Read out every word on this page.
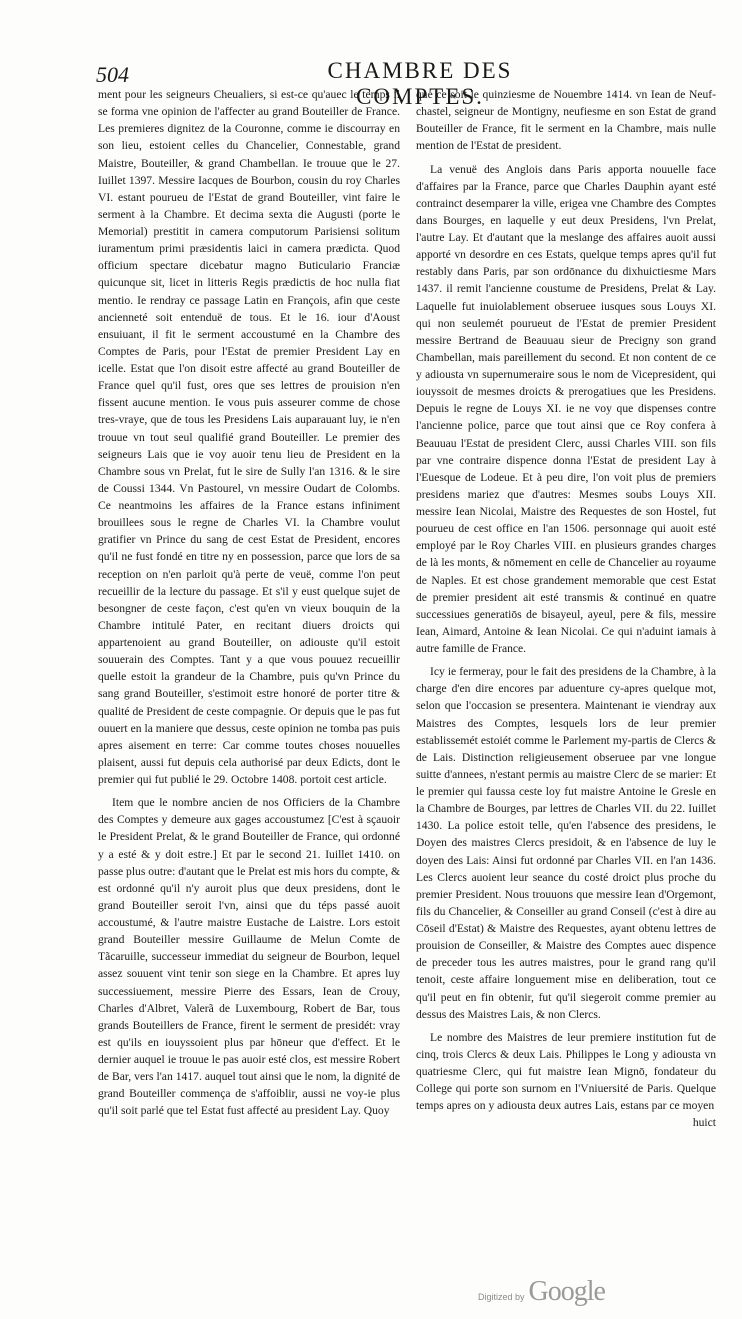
504	CHAMBRE DES COMPTES.

ment pour les seigneurs Cheualiers, si est-ce qu'auec le temps il se forma vne opinion de l'affecter au grand Bouteiller de France. Les premieres dignitez de la Couronne, comme ie discourray en son lieu, estoient celles du Chancelier, Connestable, grand Maistre, Bouteiller, & grand Chambellan. Ie trouue que le 27. Iuillet 1397. Messire Iacques de Bourbon, cousin du roy Charles VI. estant pourueu de l'Estat de grand Bouteiller, vint faire le serment à la Chambre. Et decima sexta die Augusti (porte le Memorial) prestitit in camera computorum Parisiensi solitum iuramentum primi præsidentis laici in camera prædicta. Quod officium spectare dicebatur magno Buticulario Franciæ quicunque sit, licet in litteris Regis prædictis de hoc nulla fiat mentio. Ie rendray ce passage Latin en François, afin que ceste ancienneté soit entenduë de tous. Et le 16. iour d'Aoust ensuiuant, il fit le serment accoustumé en la Chambre des Comptes de Paris, pour l'Estat de premier President Lay en icelle. Estat que l'on disoit estre affecté au grand Bouteiller de France quel qu'il fust, ores que ses lettres de prouision n'en fissent aucune mention. Ie vous puis asseurer comme de chose tres-vraye, que de tous les Presidens Lais auparauant luy, ie n'en trouue vn tout seul qualifié grand Bouteiller. Le premier des seigneurs Lais que ie voy auoir tenu lieu de President en la Chambre sous vn Prelat, fut le sire de Sully l'an 1316. & le sire de Coussi 1344. Vn Pastourel, vn messire Oudart de Colombs. Ce neantmoins les affaires de la France estans infiniment brouillees sous le regne de Charles VI. la Chambre voulut gratifier vn Prince du sang de cest Estat de President, encores qu'il ne fust fondé en titre ny en possession, parce que lors de sa reception on n'en parloit qu'à perte de veuë, comme l'on peut recueillir de la lecture du passage. Et s'il y eust quelque sujet de besongner de ceste façon, c'est qu'en vn vieux bouquin de la Chambre intitulé Pater, en recitant diuers droicts qui appartenoient au grand Bouteiller, on adiouste qu'il estoit souuerain des Comptes. Tant y a que vous pouuez recueillir quelle estoit la grandeur de la Chambre, puis qu'vn Prince du sang grand Bouteiller, s'estimoit estre honoré de porter titre & qualité de President de ceste compagnie. Or depuis que le pas fut ouuert en la maniere que dessus, ceste opinion ne tomba pas puis apres aisement en terre: Car comme toutes choses nouuelles plaisent, aussi fut depuis cela authorisé par deux Edicts, dont le premier qui fut publié le 29. Octobre 1408. portoit cest article.

Item que le nombre ancien de nos Officiers de la Chambre des Comptes y demeure aux gages accoustumez [C'est à sçauoir le President Prelat, & le grand Bouteiller de France, qui ordonné y a esté & y doit estre.] Et par le second 21. Iuillet 1410. on passe plus outre: d'autant que le Prelat est mis hors du compte, & est ordonné qu'il n'y auroit plus que deux presidens, dont le grand Bouteiller seroit l'vn, ainsi que du téps passé auoit accoustumé, & l'autre maistre Eustache de Laistre. Lors estoit grand Bouteiller messire Guillaume de Melun Comte de Tãcaruille, successeur immediat du seigneur de Bourbon, lequel assez souuent vint tenir son siege en la Chambre. Et apres luy successiuement, messire Pierre des Essars, Iean de Crouy, Charles d'Albret, Valerã de Luxembourg, Robert de Bar, tous grands Bouteillers de France, firent le serment de presidét: vray est qu'ils en iouyssoient plus par hōneur que d'effect. Et le dernier auquel ie trouue le pas auoir esté clos, est messire Robert de Bar, vers l'an 1417. auquel tout ainsi que le nom, la dignité de grand Bouteiller commença de s'affoiblir, aussi ne voy-ie plus qu'il soit parlé que tel Estat fust affecté au president Lay. Quoy

que ce soit le quinziesme de Nouembre 1414. vn Iean de Neuf-chastel, seigneur de Montigny, neufiesme en son Estat de grand Bouteiller de France, fit le serment en la Chambre, mais nulle mention de l'Estat de president.

La venuë des Anglois dans Paris apporta nouuelle face d'affaires par la France, parce que Charles Dauphin ayant esté contrainct desemparer la ville, erigea vne Chambre des Comptes dans Bourges, en laquelle y eut deux Presidens, l'vn Prelat, l'autre Lay. Et d'autant que la meslange des affaires auoit aussi apporté vn desordre en ces Estats, quelque temps apres qu'il fut restably dans Paris, par son ordōnance du dixhuictiesme Mars 1437. il remit l'ancienne coustume de Presidens, Prelat & Lay. Laquelle fut inuiolablement obseruee iusques sous Louys XI. qui non seulemét pourueut de l'Estat de premier President messire Bertrand de Beauuau sieur de Precigny son grand Chambellan, mais pareillement du second. Et non content de ce y adiousta vn supernumeraire sous le nom de Vicepresident, qui iouyssoit de mesmes droicts & prerogatiues que les Presidens. Depuis le regne de Louys XI. ie ne voy que dispenses contre l'ancienne police, parce que tout ainsi que ce Roy confera à Beauuau l'Estat de president Clerc, aussi Charles VIII. son fils par vne contraire dispence donna l'Estat de president Lay à l'Euesque de Lodeue. Et à peu dire, l'on voit plus de premiers presidens mariez que d'autres: Mesmes soubs Louys XII. messire Iean Nicolai, Maistre des Requestes de son Hostel, fut pourueu de cest office en l'an 1506. personnage qui auoit esté employé par le Roy Charles VIII. en plusieurs grandes charges de là les monts, & nōmement en celle de Chancelier au royaume de Naples. Et est chose grandement memorable que cest Estat de premier president ait esté transmis & continué en quatre successiues generatiōs de bisayeul, ayeul, pere & fils, messire Iean, Aimard, Antoine & Iean Nicolai. Ce qui n'aduint iamais à autre famille de France.

Icy ie fermeray, pour le fait des presidens de la Chambre, à la charge d'en dire encores par aduenture cy-apres quelque mot, selon que l'occasion se presentera. Maintenant ie viendray aux Maistres des Comptes, lesquels lors de leur premier establissemét estoiét comme le Parlement my-partis de Clercs & de Lais. Distinction religieusement obseruee par vne longue suitte d'annees, n'estant permis au maistre Clerc de se marier: Et le premier qui faussa ceste loy fut maistre Antoine le Gresle en la Chambre de Bourges, par lettres de Charles VII. du 22. Iuillet 1430. La police estoit telle, qu'en l'absence des presidens, le Doyen des maistres Clercs presidoit, & en l'absence de luy le doyen des Lais: Ainsi fut ordonné par Charles VII. en l'an 1436. Les Clercs auoient leur seance du costé droict plus proche du premier President. Nous trouuons que messire Iean d'Orgemont, fils du Chancelier, & Conseiller au grand Conseil (c'est à dire au Cōseil d'Estat) & Maistre des Requestes, ayant obtenu lettres de prouision de Conseiller, & Maistre des Comptes auec dispence de preceder tous les autres maistres, pour le grand rang qu'il tenoit, ceste affaire longuement mise en deliberation, tout ce qu'il peut en fin obtenir, fut qu'il siegeroit comme premier au dessus des Maistres Lais, & non Clercs.

Le nombre des Maistres de leur premiere institution fut de cinq, trois Clercs & deux Lais. Philippes le Long y adiousta vn quatriesme Clerc, qui fut maistre Iean Mignō, fondateur du College qui porte son surnom en l'Vniuersité de Paris. Quelque temps apres on y adiousta deux autres Lais, estans par ce moyen

huict
Digitized by Google
